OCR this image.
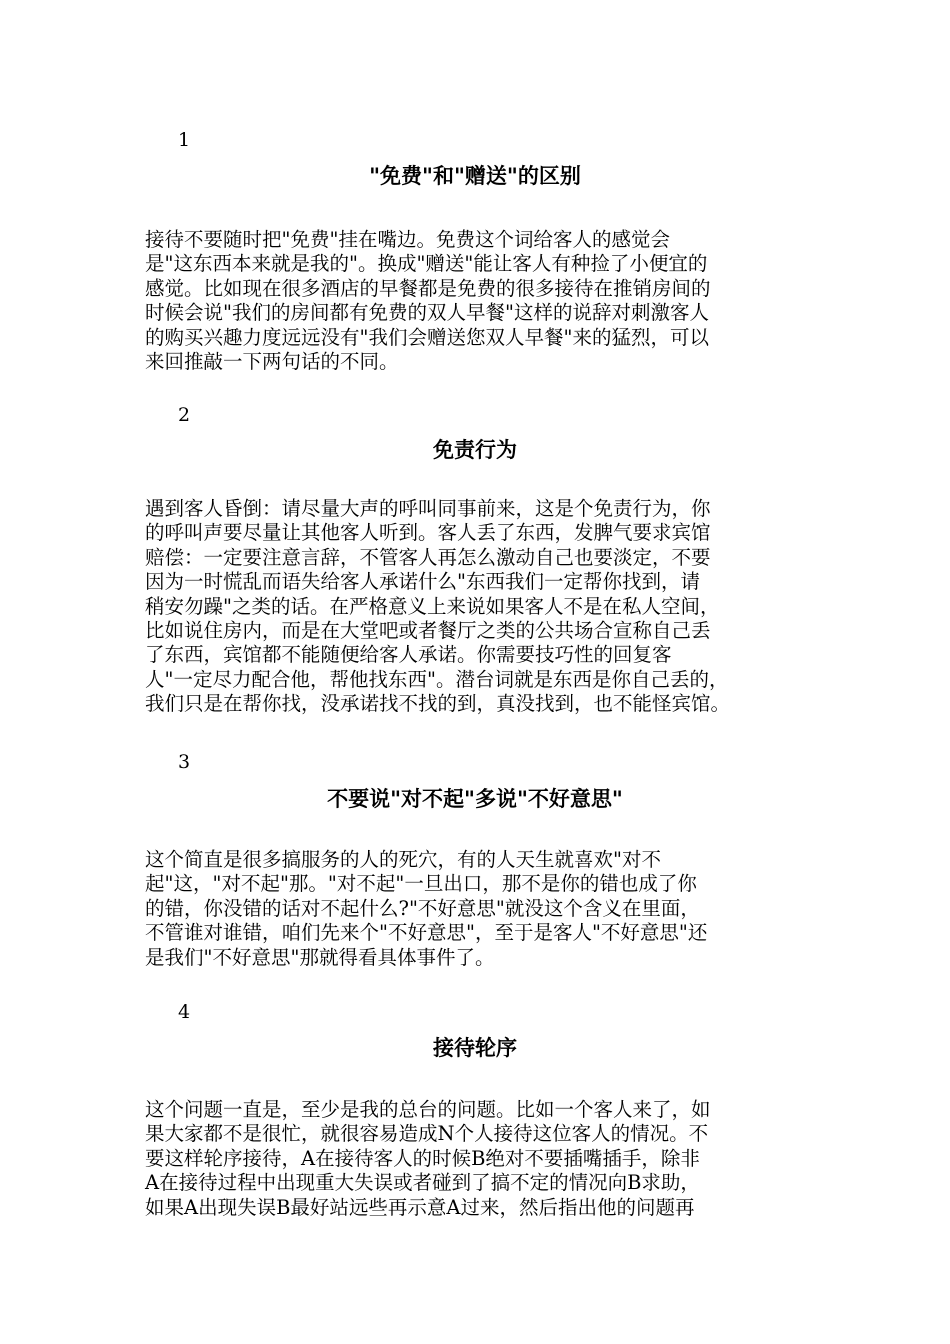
1
"免费"和"赠送"的区别
接待不要随时把"免费"挂在嘴边。免费这个词给客人的感觉会
是"这东西本来就是我的"。换成"赠送"能让客人有种捡了小便宜的
感觉。比如现在很多酒店的早餐都是免费的很多接待在推销房间的
时候会说"我们的房间都有免费的双人早餐"这样的说辞对刺激客人
的购买兴趣力度远远没有"我们会赠送您双人早餐"来的猛烈，可以
来回推敲一下两句话的不同。
2
免责行为
遇到客人昏倒：请尽量大声的呼叫同事前来，这是个免责行为，你
的呼叫声要尽量让其他客人听到。客人丢了东西，发脾气要求宾馆
赔偿：一定要注意言辞，不管客人再怎么激动自己也要淡定，不要
因为一时慌乱而语失给客人承诺什么"东西我们一定帮你找到，请
稍安勿躁"之类的话。在严格意义上来说如果客人不是在私人空间，
比如说住房内，而是在大堂吧或者餐厅之类的公共场合宣称自己丢
了东西，宾馆都不能随便给客人承诺。你需要技巧性的回复客
人"一定尽力配合他，帮他找东西"。潜台词就是东西是你自己丢的，
我们只是在帮你找，没承诺找不找的到，真没找到，也不能怪宾馆。
3
不要说"对不起"多说"不好意思"
这个简直是很多搞服务的人的死穴，有的人天生就喜欢"对不
起"这，"对不起"那。"对不起"一旦出口，那不是你的错也成了你
的错，你没错的话对不起什么?"不好意思"就没这个含义在里面，
不管谁对谁错，咱们先来个"不好意思"，至于是客人"不好意思"还
是我们"不好意思"那就得看具体事件了。
4
接待轮序
这个问题一直是，至少是我的总台的问题。比如一个客人来了，如
果大家都不是很忙，就很容易造成N个人接待这位客人的情况。不
要这样轮序接待，A在接待客人的时候B绝对不要插嘴插手，除非
A在接待过程中出现重大失误或者碰到了搞不定的情况向B求助，
如果A出现失误B最好站远些再示意A过来，然后指出他的问题再
